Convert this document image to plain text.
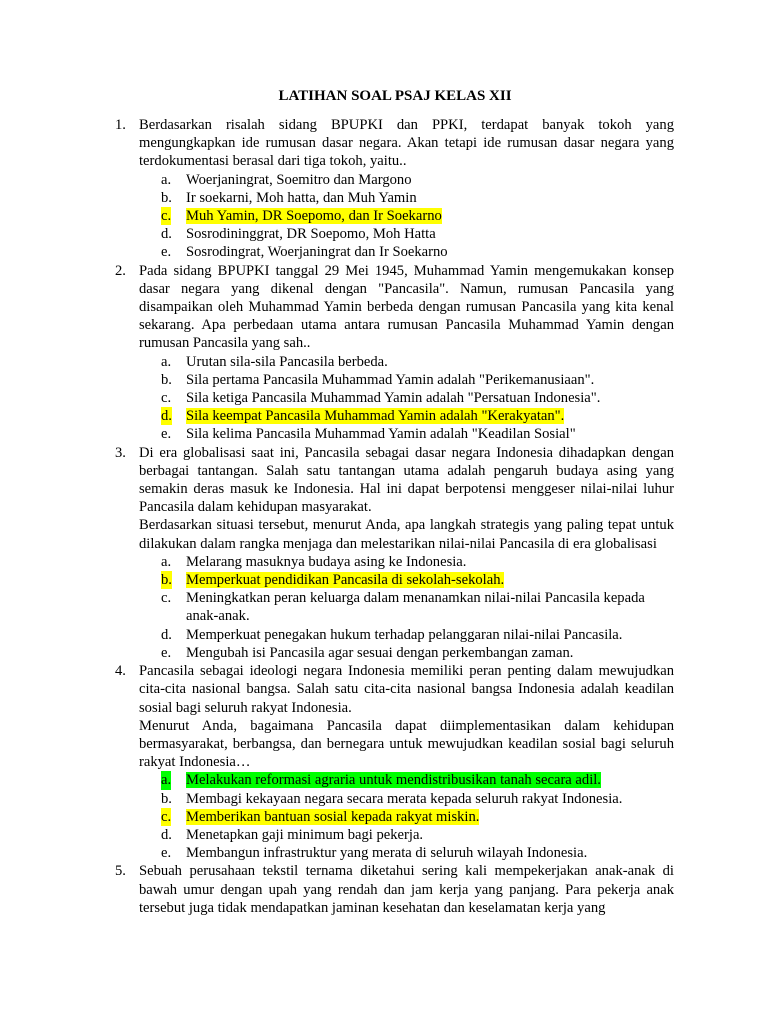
LATIHAN SOAL PSAJ KELAS XII
1. Berdasarkan risalah sidang BPUPKI dan PPKI, terdapat banyak tokoh yang mengungkapkan ide rumusan dasar negara. Akan tetapi ide rumusan dasar negara yang terdokumentasi berasal dari tiga tokoh, yaitu..
a. Woerjaningrat, Soemitro dan Margono
b. Ir soekarni, Moh hatta, dan Muh Yamin
c. Muh Yamin, DR Soepomo, dan Ir Soekarno
d. Sosrodininggrat, DR Soepomo, Moh Hatta
e. Sosrodingrat, Woerjaningrat dan Ir Soekarno
2. Pada sidang BPUPKI tanggal 29 Mei 1945, Muhammad Yamin mengemukakan konsep dasar negara yang dikenal dengan "Pancasila". Namun, rumusan Pancasila yang disampaikan oleh Muhammad Yamin berbeda dengan rumusan Pancasila yang kita kenal sekarang. Apa perbedaan utama antara rumusan Pancasila Muhammad Yamin dengan rumusan Pancasila yang sah..
a. Urutan sila-sila Pancasila berbeda.
b. Sila pertama Pancasila Muhammad Yamin adalah "Perikemanusiaan".
c. Sila ketiga Pancasila Muhammad Yamin adalah "Persatuan Indonesia".
d. Sila keempat Pancasila Muhammad Yamin adalah "Kerakyatan".
e. Sila kelima Pancasila Muhammad Yamin adalah "Keadilan Sosial"
3. Di era globalisasi saat ini, Pancasila sebagai dasar negara Indonesia dihadapkan dengan berbagai tantangan. Salah satu tantangan utama adalah pengaruh budaya asing yang semakin deras masuk ke Indonesia. Hal ini dapat berpotensi menggeser nilai-nilai luhur Pancasila dalam kehidupan masyarakat.
Berdasarkan situasi tersebut, menurut Anda, apa langkah strategis yang paling tepat untuk dilakukan dalam rangka menjaga dan melestarikan nilai-nilai Pancasila di era globalisasi
a. Melarang masuknya budaya asing ke Indonesia.
b. Memperkuat pendidikan Pancasila di sekolah-sekolah.
c. Meningkatkan peran keluarga dalam menanamkan nilai-nilai Pancasila kepada anak-anak.
d. Memperkuat penegakan hukum terhadap pelanggaran nilai-nilai Pancasila.
e. Mengubah isi Pancasila agar sesuai dengan perkembangan zaman.
4. Pancasila sebagai ideologi negara Indonesia memiliki peran penting dalam mewujudkan cita-cita nasional bangsa. Salah satu cita-cita nasional bangsa Indonesia adalah keadilan sosial bagi seluruh rakyat Indonesia.
Menurut Anda, bagaimana Pancasila dapat diimplementasikan dalam kehidupan bermasyarakat, berbangsa, dan bernegara untuk mewujudkan keadilan sosial bagi seluruh rakyat Indonesia…
a. Melakukan reformasi agraria untuk mendistribusikan tanah secara adil.
b. Membagi kekayaan negara secara merata kepada seluruh rakyat Indonesia.
c. Memberikan bantuan sosial kepada rakyat miskin.
d. Menetapkan gaji minimum bagi pekerja.
e. Membangun infrastruktur yang merata di seluruh wilayah Indonesia.
5. Sebuah perusahaan tekstil ternama diketahui sering kali mempekerjakan anak-anak di bawah umur dengan upah yang rendah dan jam kerja yang panjang. Para pekerja anak tersebut juga tidak mendapatkan jaminan kesehatan dan keselamatan kerja yang
